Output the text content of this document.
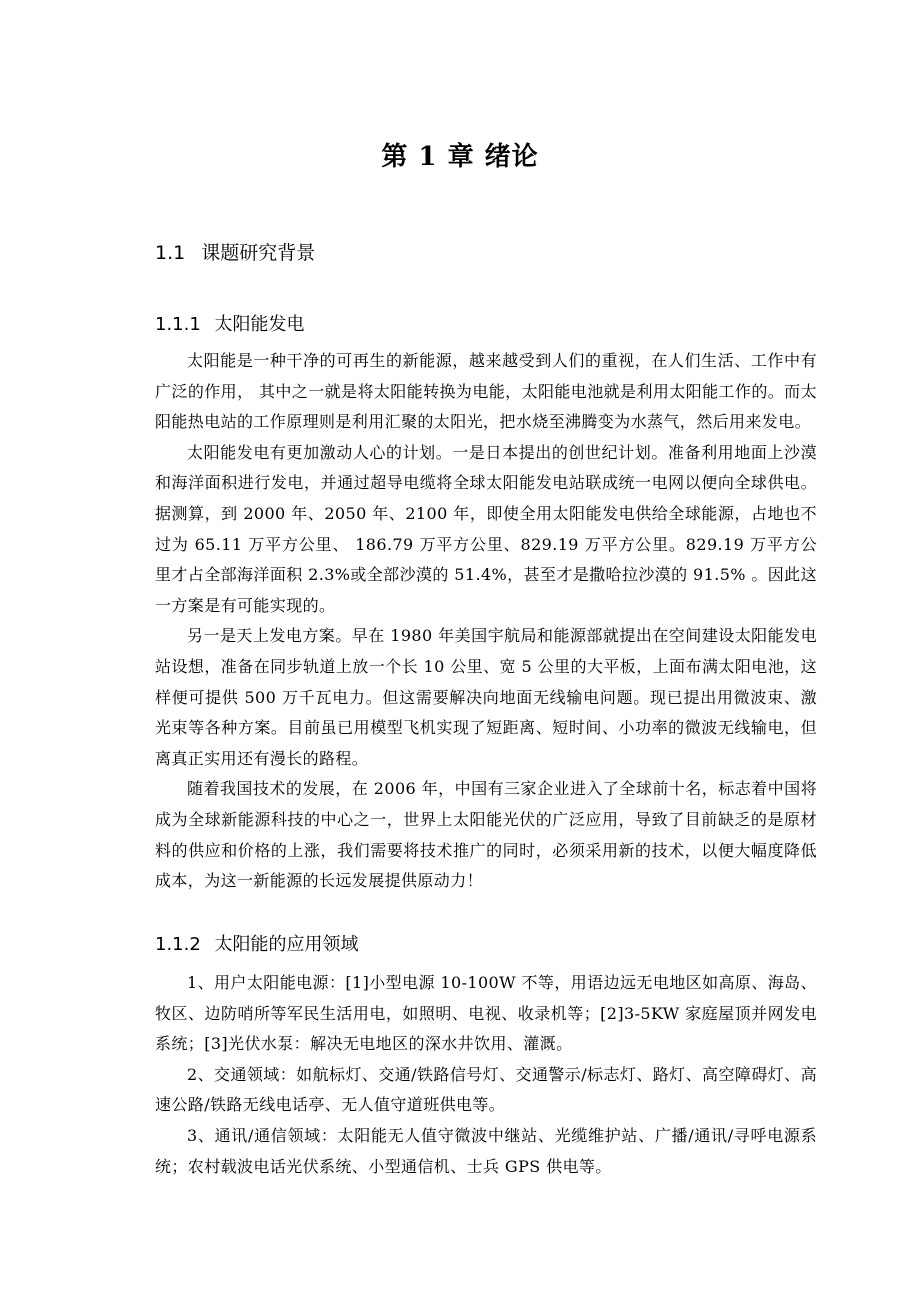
第 1 章 绪论
1.1 课题研究背景
1.1.1 太阳能发电

太阳能是一种干净的可再生的新能源，越来越受到人们的重视，在人们生活、工作中有广泛的作用， 其中之一就是将太阳能转换为电能，太阳能电池就是利用太阳能工作的。而太阳能热电站的工作原理则是利用汇聚的太阳光，把水烧至沸腾变为水蒸气，然后用来发电。

太阳能发电有更加激动人心的计划。一是日本提出的创世纪计划。准备利用地面上沙漠和海洋面积进行发电，并通过超导电缆将全球太阳能发电站联成统一电网以便向全球供电。据测算，到 2000 年、2050 年、2100 年，即使全用太阳能发电供给全球能源，占地也不过为 65.11 万平方公里、 186.79 万平方公里、829.19 万平方公里。829.19 万平方公里才占全部海洋面积 2.3%或全部沙漠的 51.4%，甚至才是撒哈拉沙漠的 91.5% 。因此这一方案是有可能实现的。

另一是天上发电方案。早在 1980 年美国宇航局和能源部就提出在空间建设太阳能发电站设想，准备在同步轨道上放一个长 10 公里、宽 5 公里的大平板，上面布满太阳电池，这样便可提供 500 万千瓦电力。但这需要解决向地面无线输电问题。现已提出用微波束、激光束等各种方案。目前虽已用模型飞机实现了短距离、短时间、小功率的微波无线输电，但离真正实用还有漫长的路程。

随着我国技术的发展，在 2006 年，中国有三家企业进入了全球前十名，标志着中国将成为全球新能源科技的中心之一，世界上太阳能光伏的广泛应用，导致了目前缺乏的是原材料的供应和价格的上涨，我们需要将技术推广的同时，必须采用新的技术，以便大幅度降低成本，为这一新能源的长远发展提供原动力！

1.1.2 太阳能的应用领域

1、用户太阳能电源：[1]小型电源 10-100W 不等，用语边远无电地区如高原、海岛、牧区、边防哨所等军民生活用电，如照明、电视、收录机等；[2]3-5KW 家庭屋顶并网发电系统；[3]光伏水泵：解决无电地区的深水井饮用、灌溉。

2、交通领域：如航标灯、交通/铁路信号灯、交通警示/标志灯、路灯、高空障碍灯、高速公路/铁路无线电话亭、无人值守道班供电等。

3、通讯/通信领域：太阳能无人值守微波中继站、光缆维护站、广播/通讯/寻呼电源系统；农村载波电话光伏系统、小型通信机、士兵 GPS 供电等。
